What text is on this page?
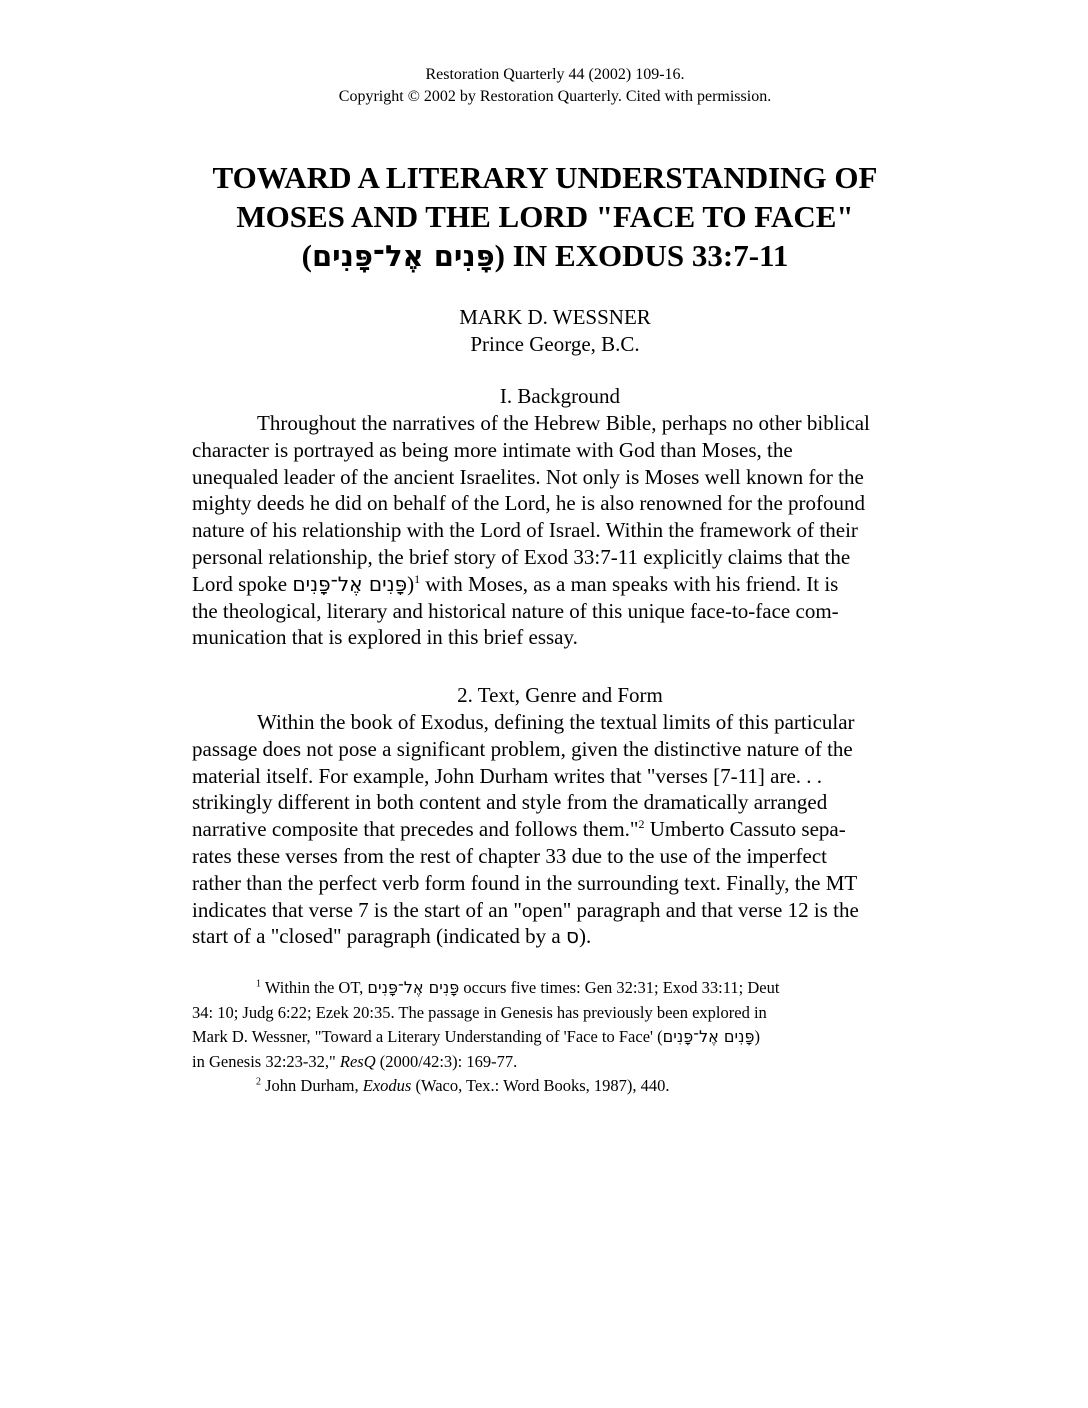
Restoration Quarterly 44 (2002) 109-16.
Copyright © 2002 by Restoration Quarterly. Cited with permission.
TOWARD A LITERARY UNDERSTANDING OF
MOSES AND THE LORD "FACE TO FACE"
(פָּנִים אֶל־פָּנִים) IN EXODUS 33:7-11
MARK D. WESSNER
Prince George, B.C.
I. Background

Throughout the narratives of the Hebrew Bible, perhaps no other biblical
character is portrayed as being more intimate with God than Moses, the
unequaled leader of the ancient Israelites. Not only is Moses well known for the
mighty deeds he did on behalf of the Lord, he is also renowned for the profound
nature of his relationship with the Lord of Israel. Within the framework of their
personal relationship, the brief story of Exod 33:7-11 explicitly claims that the
Lord spoke פָּנִים אֶל־פָּנִים)$^1$ with Moses, as a man speaks with his friend. It is
the theological, literary and historical nature of this unique face-to-face com-
munication that is explored in this brief essay.

2. Text, Genre and Form

Within the book of Exodus, defining the textual limits of this particular
passage does not pose a significant problem, given the distinctive nature of the
material itself. For example, John Durham writes that "verses [7-11] are. . .
strikingly different in both content and style from the dramatically arranged
narrative composite that precedes and follows them."$^2$ Umberto Cassuto sepa-
rates these verses from the rest of chapter 33 due to the use of the imperfect
rather than the perfect verb form found in the surrounding text. Finally, the MT
indicates that verse 7 is the start of an "open" paragraph and that verse 12 is the
start of a "closed" paragraph (indicated by a ס).

$^1$ Within the OT, פָּנִים אֶל־פָּנִים occurs five times: Gen 32:31; Exod 33:11; Deut
34: 10; Judg 6:22; Ezek 20:35. The passage in Genesis has previously been explored in
Mark D. Wessner, "Toward a Literary Understanding of 'Face to Face' (פָּנִים אֶל־פָּנִים)
in Genesis 32:23-32," ResQ (2000/42:3): 169-77.
$^2$ John Durham, Exodus (Waco, Tex.: Word Books, 1987), 440.
